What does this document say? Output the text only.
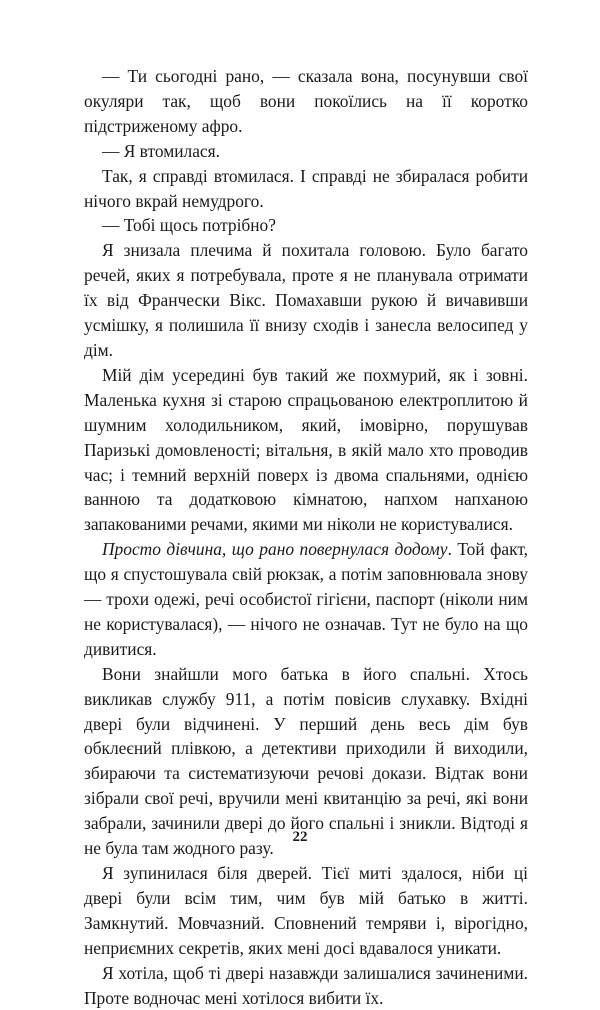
— Ти сьогодні рано, — сказала вона, посунувши свої окуляри так, щоб вони покоїлись на її коротко підстриженому афро.

— Я втомилася.

Так, я справді втомилася. І справді не збиралася робити нічого вкрай немудрого.

— Тобі щось потрібно?

Я знизала плечима й похитала головою. Було багато речей, яких я потребувала, проте я не планувала отримати їх від Франчески Вікс. Помахавши рукою й вичавивши усмішку, я полишила її внизу сходів і занесла велосипед у дім.

Мій дім усередині був такий же похмурий, як і зовні. Маленька кухня зі старою спрацьованою електроплитою й шумним холодильником, який, імовірно, порушував Паризькі домовленості; вітальня, в якій мало хто проводив час; і темний верхній поверх із двома спальнями, однією ванною та додатковою кімнатою, напхом напханою запакованими речами, якими ми ніколи не користувалися.

Просто дівчина, що рано повернулася додому. Той факт, що я спустошувала свій рюкзак, а потім заповнювала знову — трохи одежі, речі особистої гігієни, паспорт (ніколи ним не користувалася), — нічого не означав. Тут не було на що дивитися.

Вони знайшли мого батька в його спальні. Хтось викликав службу 911, а потім повісив слухавку. Вхідні двері були відчинені. У перший день весь дім був обклеєний плівкою, а детективи приходили й виходили, збираючи та систематизуючи речові докази. Відтак вони зібрали свої речі, вручили мені квитанцію за речі, які вони забрали, зачинили двері до його спальні і зникли. Відтоді я не була там жодного разу.

Я зупинилася біля дверей. Тієї миті здалося, ніби ці двері були всім тим, чим був мій батько в житті. Замкнутий. Мовчазний. Сповнений темряви і, вірогідно, неприємних секретів, яких мені досі вдавалося уникати.

Я хотіла, щоб ті двері назавжди залишалися зачиненими. Проте водночас мені хотілося вибити їх.

22
